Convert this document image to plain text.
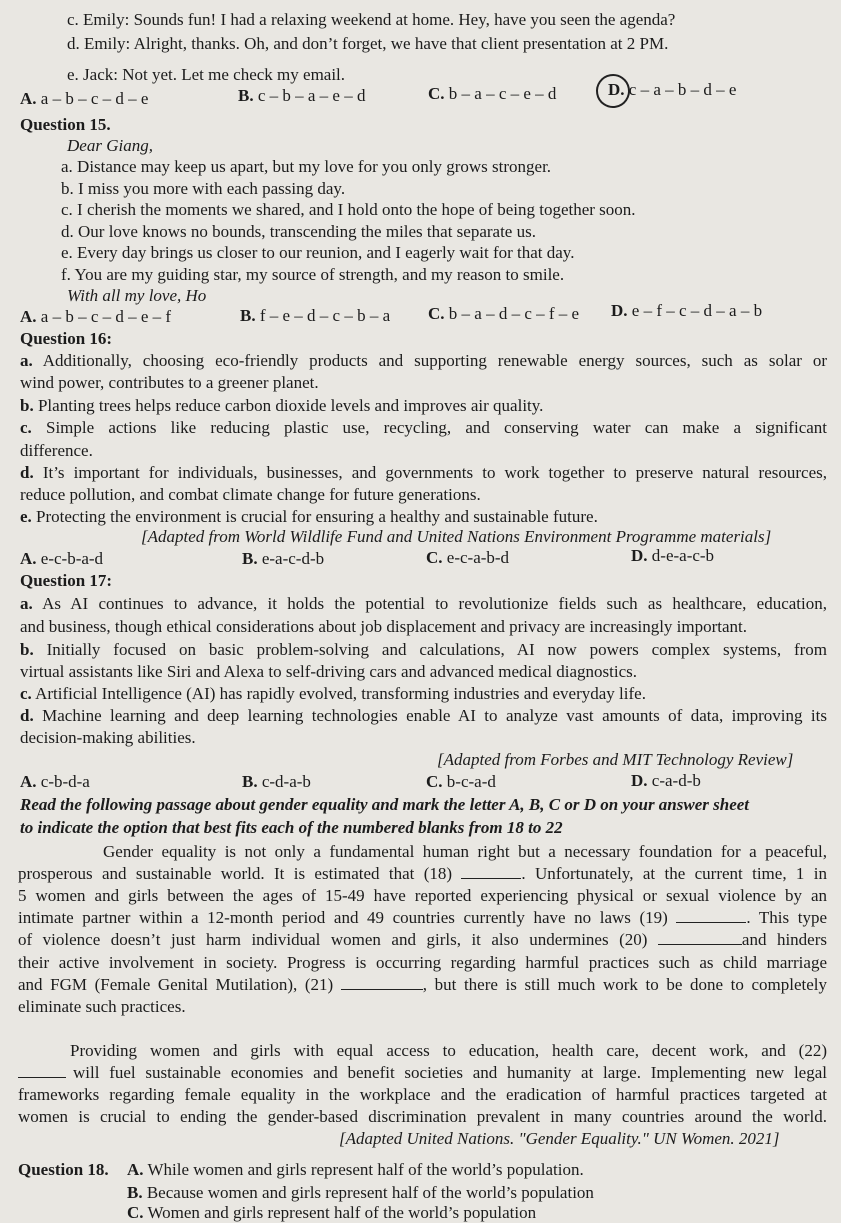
c. Emily: Sounds fun! I had a relaxing weekend at home. Hey, have you seen the agenda?
d. Emily: Alright, thanks. Oh, and don’t forget, we have that client presentation at 2 PM.
e. Jack: Not yet. Let me check my email.
A. a – b – c – d – e	B. c – b – a – e – d	C. b – a – c – e – d	D. c – a – b – d – e
Question 15.
Dear Giang,
a. Distance may keep us apart, but my love for you only grows stronger.
b. I miss you more with each passing day.
c. I cherish the moments we shared, and I hold onto the hope of being together soon.
d. Our love knows no bounds, transcending the miles that separate us.
e. Every day brings us closer to our reunion, and I eagerly wait for that day.
f. You are my guiding star, my source of strength, and my reason to smile.
With all my love, Ho
A. a – b – c – d – e – f	B. f – e – d – c – b – a C. b – a – d – c – f – e D. e – f – c – d – a – b
Question 16:
a. Additionally, choosing eco-friendly products and supporting renewable energy sources, such as solar or
wind power, contributes to a greener planet.
b. Planting trees helps reduce carbon dioxide levels and improves air quality.
c. Simple actions like reducing plastic use, recycling, and conserving water can make a significant
difference.
d. It’s important for individuals, businesses, and governments to work together to preserve natural resources,
reduce pollution, and combat climate change for future generations.
e. Protecting the environment is crucial for ensuring a healthy and sustainable future.
[Adapted from World Wildlife Fund and United Nations Environment Programme materials]
A. e-c-b-a-d	B. e-a-c-d-b	C. e-c-a-b-d	D. d-e-a-c-b
Question 17:
a. As AI continues to advance, it holds the potential to revolutionize fields such as healthcare, education,
and business, though ethical considerations about job displacement and privacy are increasingly important.
b. Initially focused on basic problem-solving and calculations, AI now powers complex systems, from
virtual assistants like Siri and Alexa to self-driving cars and advanced medical diagnostics.
c. Artificial Intelligence (AI) has rapidly evolved, transforming industries and everyday life.
d. Machine learning and deep learning technologies enable AI to analyze vast amounts of data, improving its
decision-making abilities.
[Adapted from Forbes and MIT Technology Review]
A. c-b-d-a	B. c-d-a-b	C. b-c-a-d	D. c-a-d-b
Read the following passage about gender equality and mark the letter A, B, C or D on your answer sheet
to indicate the option that best fits each of the numbered blanks from 18 to 22
Gender equality is not only a fundamental human right but a necessary foundation for a peaceful,
prosperous and sustainable world. It is estimated that (18)	. Unfortunately, at the current time, 1 in
5 women and girls between the ages of 15-49 have reported experiencing physical or sexual violence by an
intimate partner within a 12-month period and 49 countries currently have no laws (19)	. This type
of violence doesn’t just harm individual women and girls, it also undermines (20)	and hinders
their active involvement in society. Progress is occurring regarding harmful practices such as child marriage
and FGM (Female Genital Mutilation), (21)	, but there is still much work to be done to completely
eliminate such practices.
Providing women and girls with equal access to education, health care, decent work, and (22)
will fuel sustainable economies and benefit societies and humanity at large. Implementing new legal
frameworks regarding female equality in the workplace and the eradication of harmful practices targeted at
women is crucial to ending the gender-based discrimination prevalent in many countries around the world.
[Adapted United Nations. "Gender Equality." UN Women. 2021]
Question 18. A. While women and girls represent half of the world’s population.
B. Because women and girls represent half of the world’s population
C. Women and girls represent half of the world’s population
